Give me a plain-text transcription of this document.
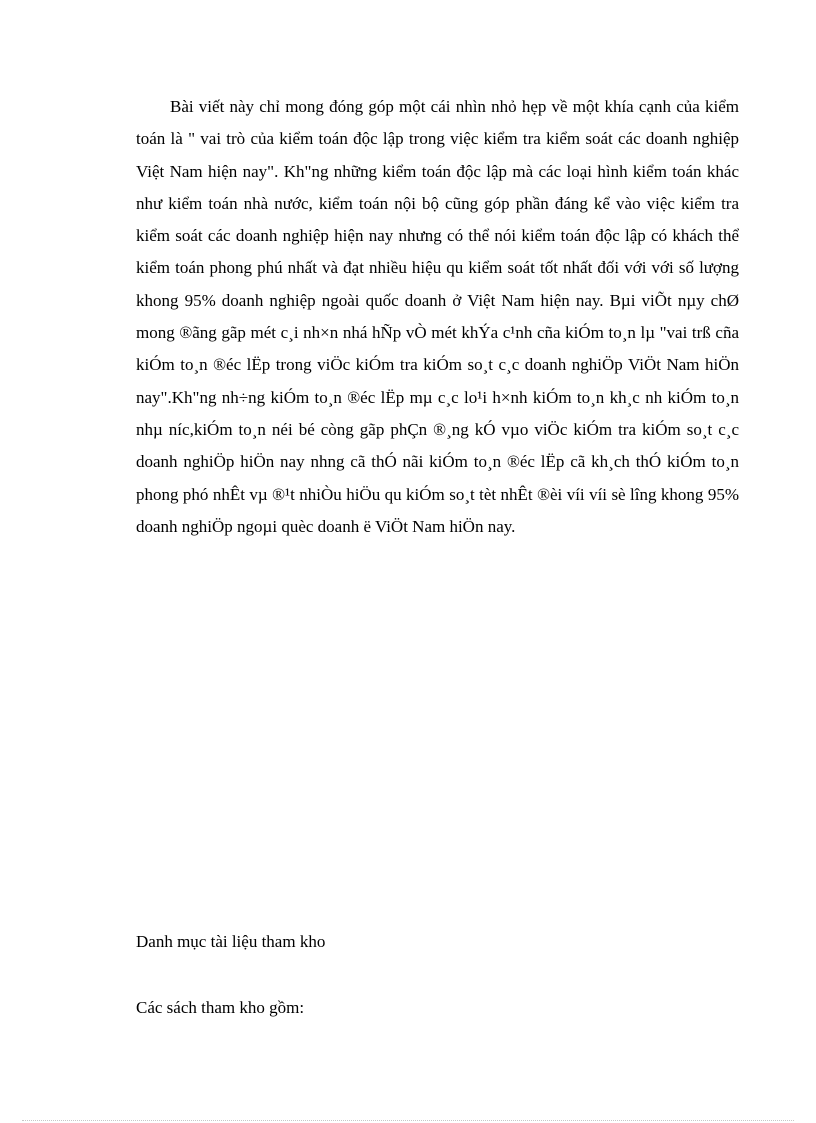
Bài viết này chỉ mong đóng góp một cái nhìn nhỏ hẹp về một khía cạnh của kiểm toán là " vai trò của kiểm toán độc lập trong việc kiểm tra kiểm soát các doanh nghiệp Việt Nam hiện nay". Kh"ng những kiểm toán độc lập mà các loại hình kiểm toán khác như kiểm toán nhà nước, kiểm toán nội bộ cũng góp phần đáng kể vào việc kiểm tra kiểm soát các doanh nghiệp hiện nay nhưng có thể nói kiểm toán độc lập có khách thể kiểm toán phong phú nhất và đạt nhiều hiệu qu kiểm soát tốt nhất đối với với số lượng khong 95% doanh nghiệp ngoài quốc doanh ở Việt Nam hiện nay. Bµi viÕt nµy chØ mong ®ãng gãp mét c¸i nh×n nhá hÑp vÒ mét khÝa c¹nh cña kiÓm to¸n lµ "vai trß cña kiÓm to¸n ®éc lËp trong viÖc kiÓm tra kiÓm so¸t c¸c doanh nghiÖp ViÖt Nam hiÖn nay".Kh"ng nh÷ng kiÓm to¸n ®éc lËp mµ c¸c lo¹i h×nh kiÓm to¸n kh¸c nh kiÓm to¸n nhµ níc,kiÓm to¸n néi bé còng gãp phÇn ®¸ng kÓ vµo viÖc kiÓm tra kiÓm so¸t c¸c doanh nghiÖp hiÖn nay nhng cã thÓ nãi kiÓm to¸n ®éc lËp cã kh¸ch thÓ kiÓm to¸n phong phó nhÊt vµ ®¹t nhiÒu hiÖu qu kiÓm so¸t tèt nhÊt ®èi víi víi sè lîng khong 95% doanh nghiÖp ngoµi quèc doanh ë ViÖt Nam hiÖn nay.

Danh mục tài liệu tham kho

Các sách tham kho gồm:
